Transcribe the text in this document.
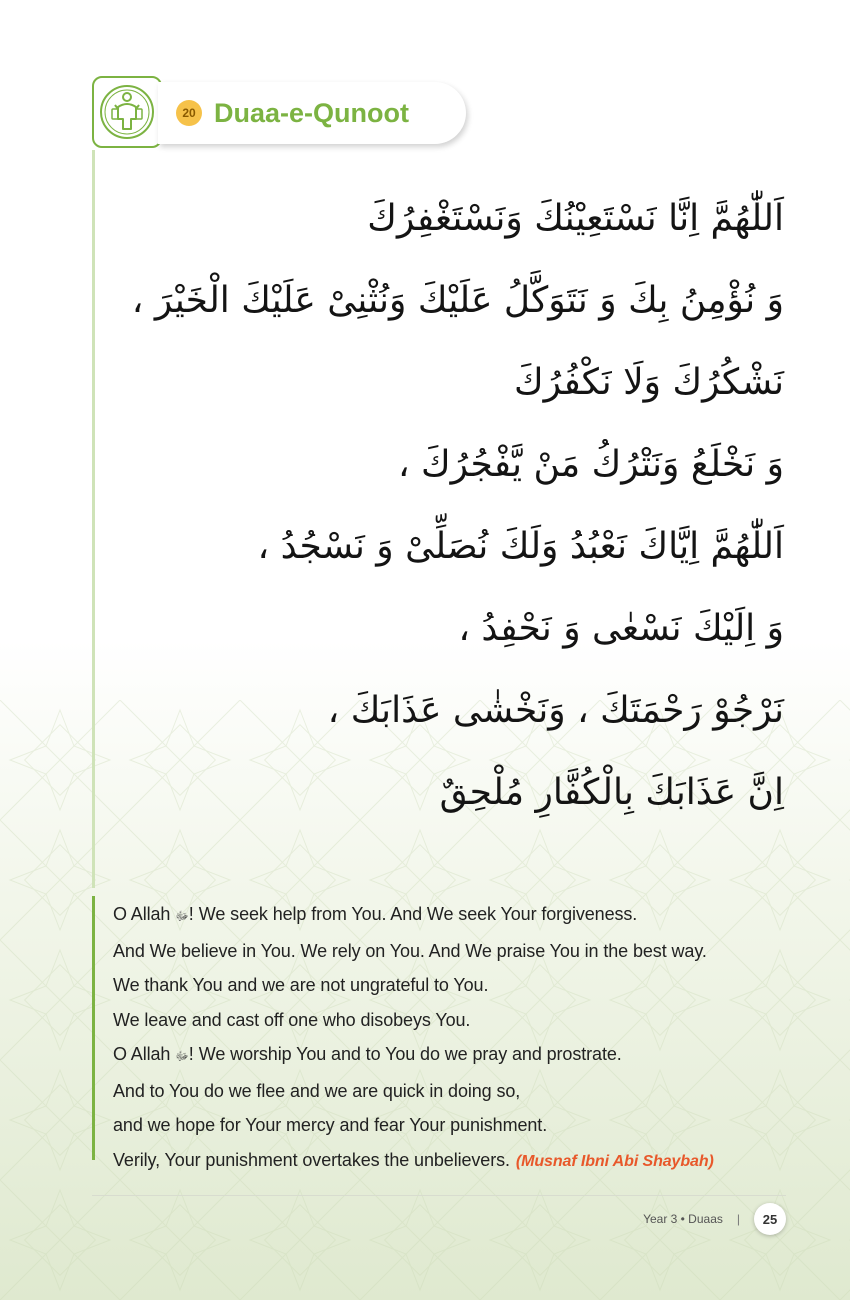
20 Duaa-e-Qunoot
اَللّٰهُمَّ اِنَّا نَسْتَعِيْنُكَ وَنَسْتَغْفِرُكَ
وَ نُؤْمِنُ بِكَ وَ نَتَوَكَّلُ عَلَيْكَ وَنُثْنِىْ عَلَيْكَ الْخَيْرَ ،
نَشْكُرُكَ وَلَا نَكْفُرُكَ
وَ نَخْلَعُ وَنَتْرُكُ مَنْ يَّفْجُرُكَ ،
اَللّٰهُمَّ اِيَّاكَ نَعْبُدُ وَلَكَ نُصَلِّىْ وَ نَسْجُدُ ،
وَ اِلَيْكَ نَسْعٰى وَ نَحْفِدُ ،
نَرْجُوْ رَحْمَتَكَ ، وَنَخْشٰى عَذَابَكَ ،
اِنَّ عَذَابَكَ بِالْكُفَّارِ مُلْحِقٌ
O Allah ﷻ! We seek help from You. And We seek Your forgiveness.
And We believe in You. We rely on You. And We praise You in the best way.
We thank You and we are not ungrateful to You.
We leave and cast off one who disobeys You.
O Allah ﷻ! We worship You and to You do we pray and prostrate.
And to You do we flee and we are quick in doing so,
and we hope for Your mercy and fear Your punishment.
Verily, Your punishment overtakes the unbelievers. (Musnaf Ibni Abi Shaybah)
Year 3 • Duaas |	25
